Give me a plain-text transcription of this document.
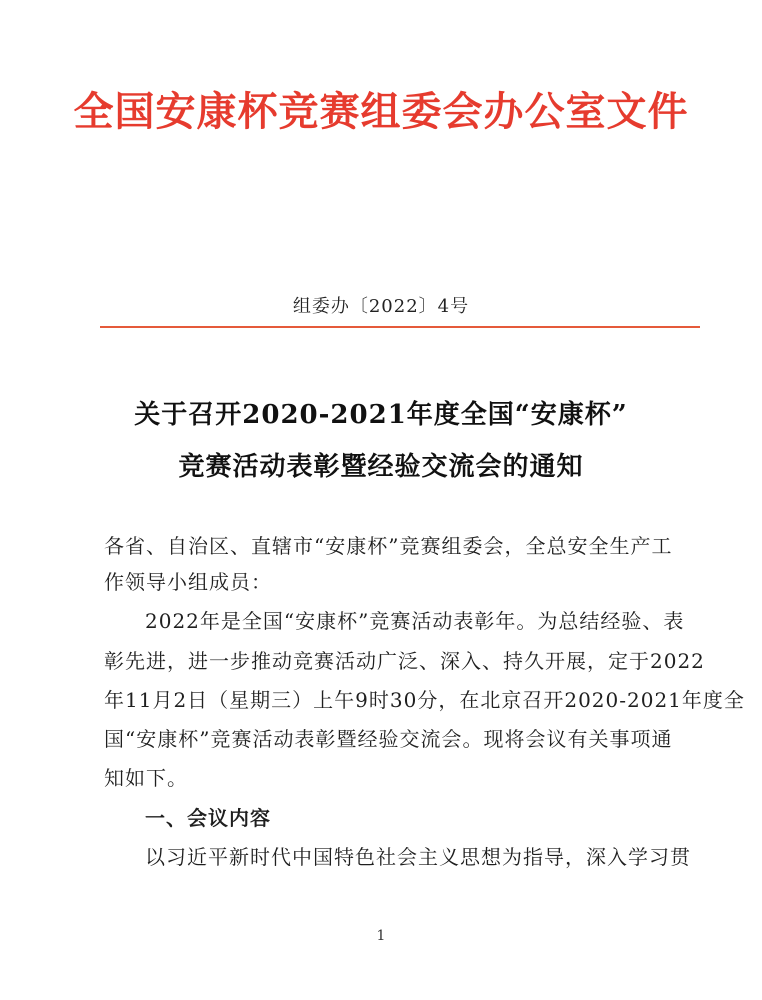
全国安康杯竞赛组委会办公室文件
组委办〔2022〕4号
关于召开2020-2021年度全国“安康杯”
竞赛活动表彰暨经验交流会的通知
各省、自治区、直辖市“安康杯”竞赛组委会，全总安全生产工
作领导小组成员：
2022年是全国“安康杯”竞赛活动表彰年。为总结经验、表
彰先进，进一步推动竞赛活动广泛、深入、持久开展，定于2022
年11月2日（星期三）上午9时30分，在北京召开2020-2021年度全
国“安康杯”竞赛活动表彰暨经验交流会。现将会议有关事项通
知如下。
一、会议内容
以习近平新时代中国特色社会主义思想为指导，深入学习贯
1
